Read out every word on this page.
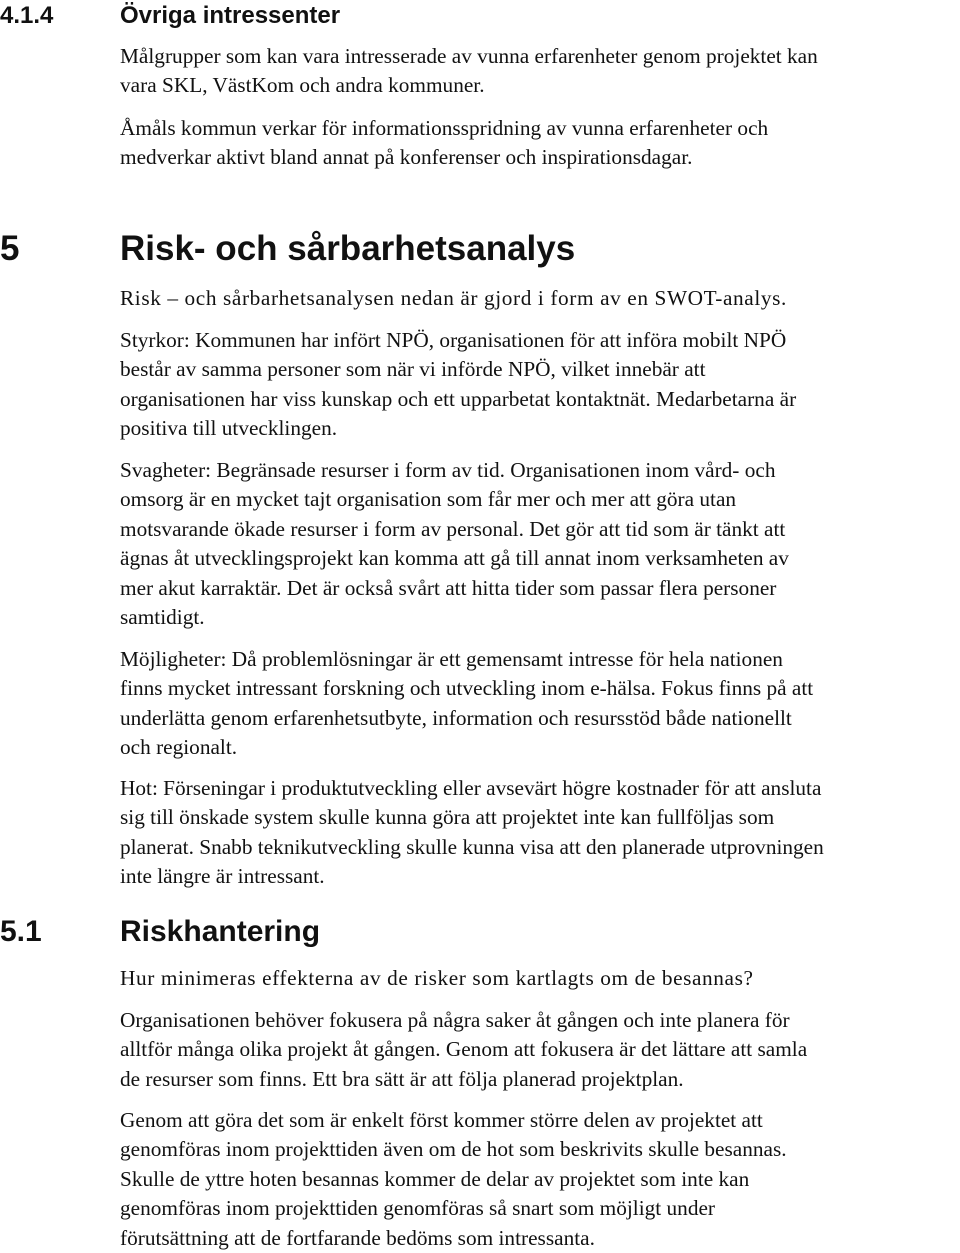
4.1.4	Övriga intressenter

Målgrupper som kan vara intresserade av vunna erfarenheter genom projektet kan
vara SKL, VästKom och andra kommuner.

Åmåls kommun verkar för informationsspridning av vunna erfarenheter och
medverkar aktivt bland annat på konferenser och inspirationsdagar.

5	Risk- och sårbarhetsanalys

Risk – och sårbarhetsanalysen nedan är gjord i form av en SWOT-analys.

Styrkor: Kommunen har infört NPÖ, organisationen för att införa mobilt NPÖ
består av samma personer som när vi införde NPÖ, vilket innebär att
organisationen har viss kunskap och ett upparbetat kontaktnät. Medarbetarna är
positiva till utvecklingen.

Svagheter: Begränsade resurser i form av tid. Organisationen inom vård- och
omsorg är en mycket tajt organisation som får mer och mer att göra utan
motsvarande ökade resurser i form av personal. Det gör att tid som är tänkt att
ägnas åt utvecklingsprojekt kan komma att gå till annat inom verksamheten av
mer akut karraktär. Det är också svårt att hitta tider som passar flera personer
samtidigt.

Möjligheter: Då problemlösningar är ett gemensamt intresse för hela nationen
finns mycket intressant forskning och utveckling inom e-hälsa. Fokus finns på att
underlätta genom erfarenhetsutbyte, information och resursstöd både nationellt
och regionalt.

Hot: Förseningar i produktutveckling eller avsevärt högre kostnader för att ansluta
sig till önskade system skulle kunna göra att projektet inte kan fullföljas som
planerat. Snabb teknikutveckling skulle kunna visa att den planerade utprovningen
inte längre är intressant.

5.1	Riskhantering

Hur minimeras effekterna av de risker som kartlagts om de besannas?

Organisationen behöver fokusera på några saker åt gången och inte planera för
alltför många olika projekt åt gången. Genom att fokusera är det lättare att samla
de resurser som finns. Ett bra sätt är att följa planerad projektplan.

Genom att göra det som är enkelt först kommer större delen av projektet att
genomföras inom projekttiden även om de hot som beskrivits skulle besannas.
Skulle de yttre hoten besannas kommer de delar av projektet som inte kan
genomföras inom projekttiden genomföras så snart som möjligt under
förutsättning att de fortfarande bedöms som intressanta.
